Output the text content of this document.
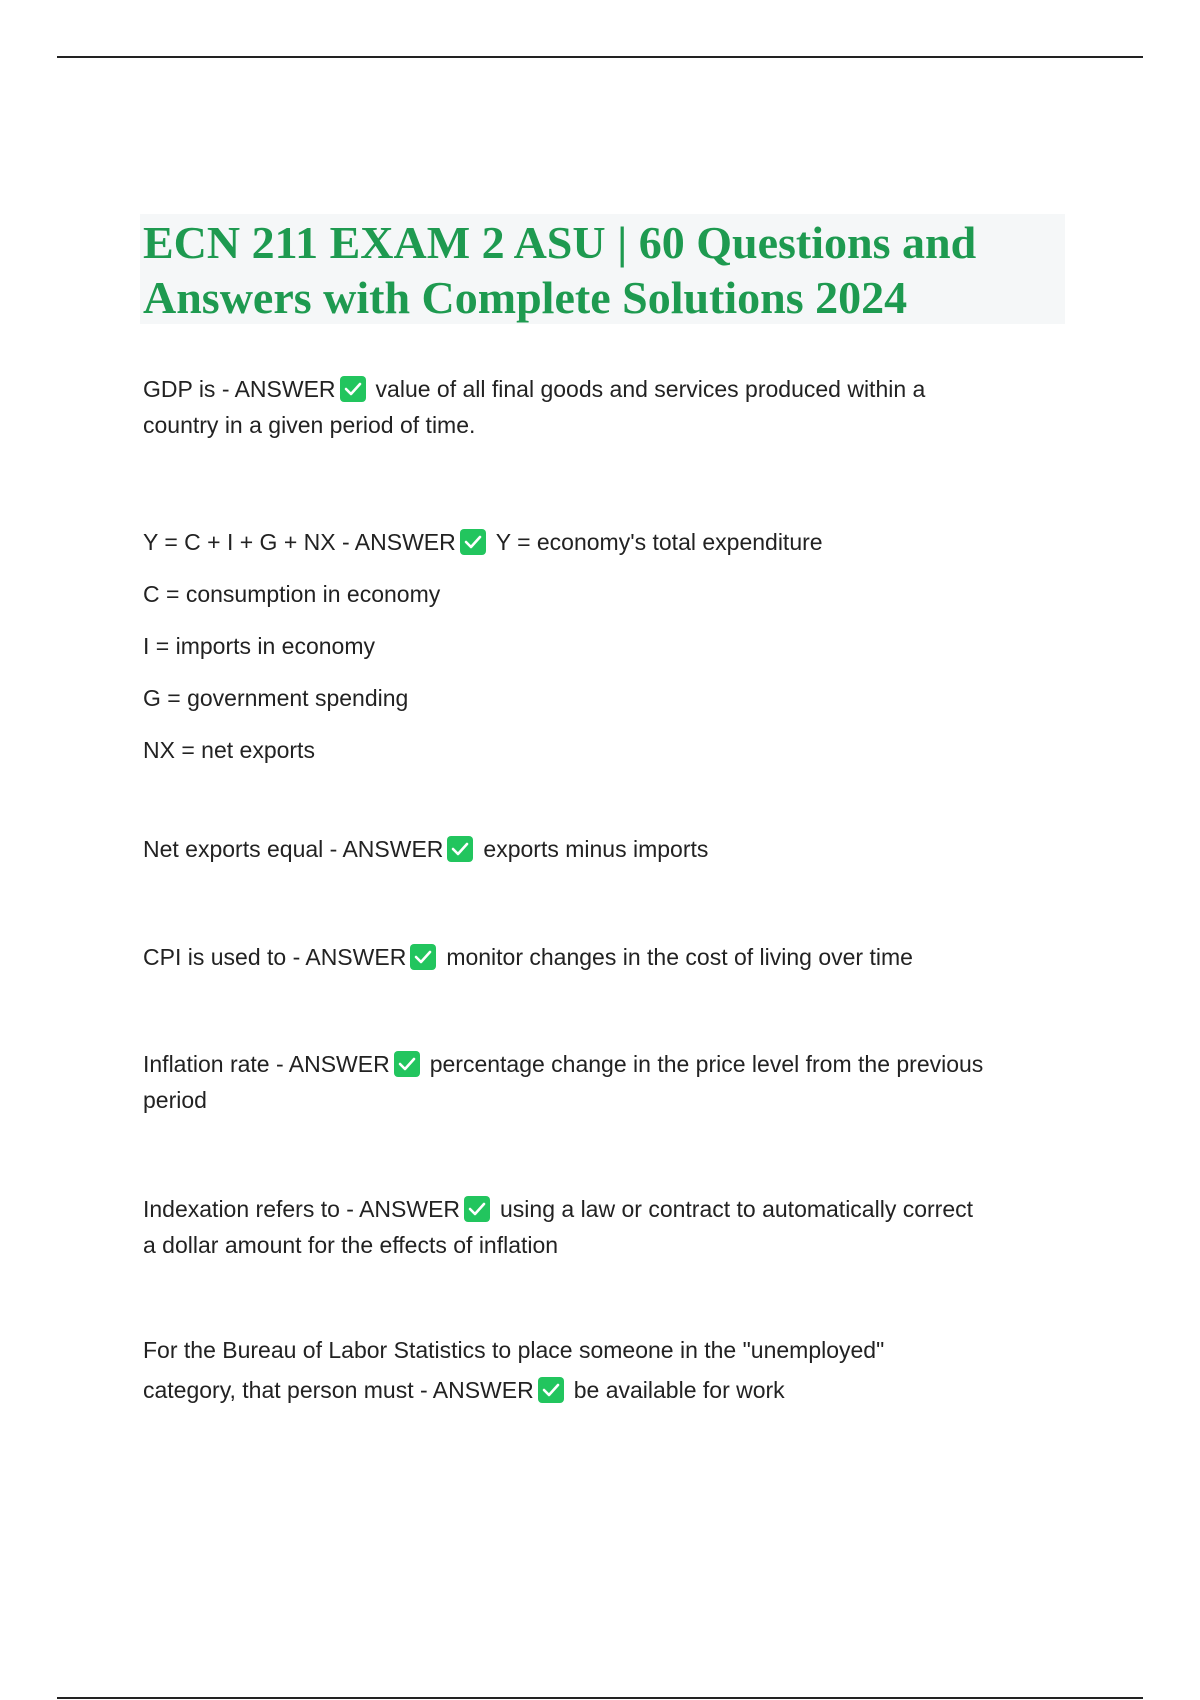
ECN 211 EXAM 2 ASU | 60 Questions and
Answers with Complete Solutions 2024
GDP is - ANSWER value of all final goods and services produced within a
country in a given period of time.
Y = C + I + G + NX - ANSWER Y = economy's total expenditure
C = consumption in economy
I = imports in economy
G = government spending
NX = net exports
Net exports equal - ANSWER exports minus imports
CPI is used to - ANSWER monitor changes in the cost of living over time
Inflation rate - ANSWER percentage change in the price level from the previous
period
Indexation refers to - ANSWER using a law or contract to automatically correct
a dollar amount for the effects of inflation
For the Bureau of Labor Statistics to place someone in the "unemployed"
category, that person must - ANSWER be available for work
